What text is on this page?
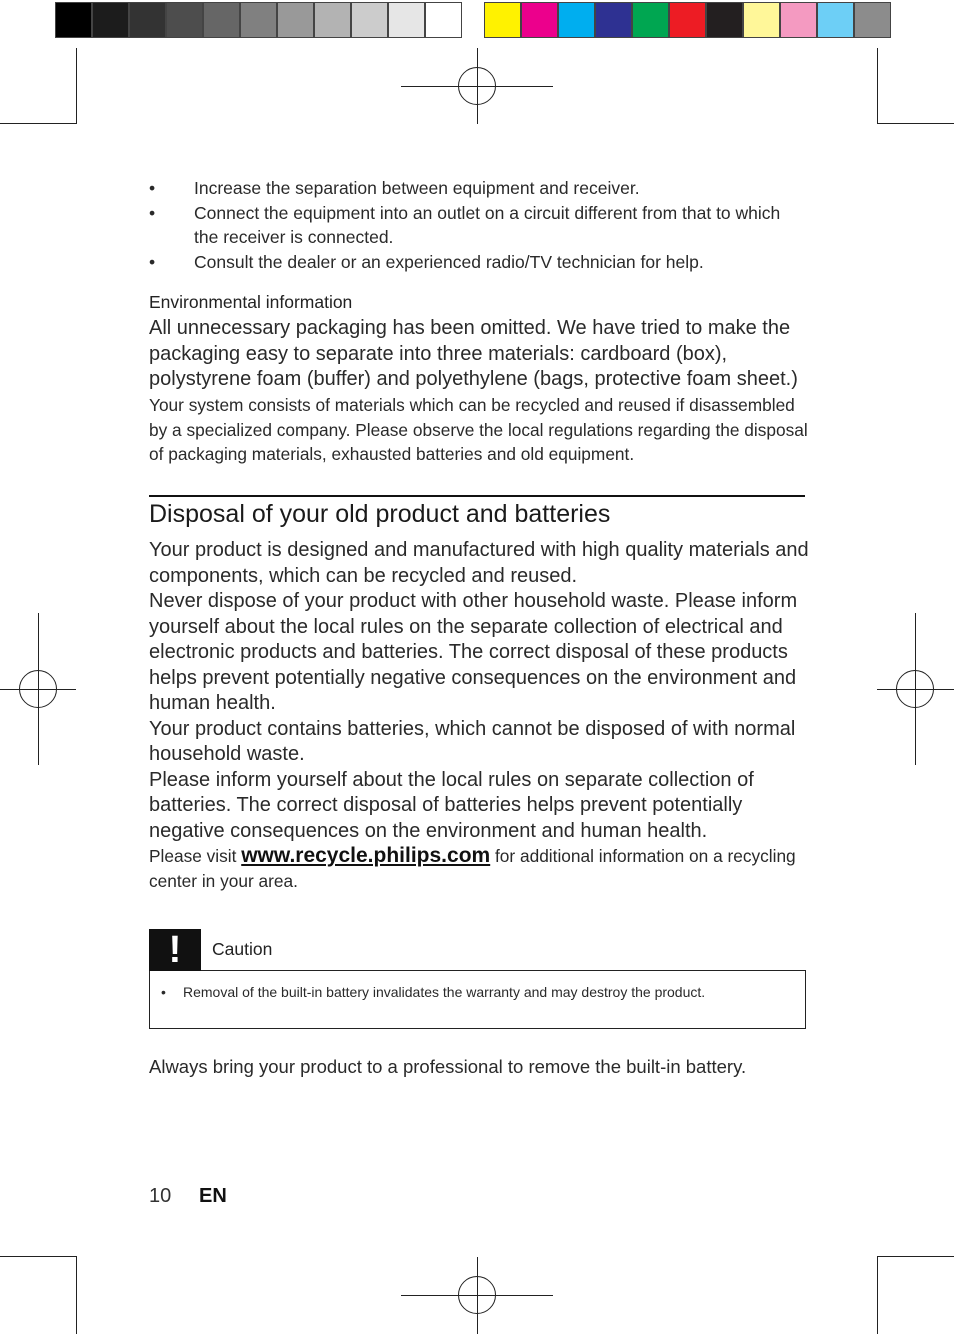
• Increase the separation between equipment and receiver.
• Connect the equipment into an outlet on a circuit different from that to which the receiver is connected.
• Consult the dealer or an experienced radio/TV technician for help.
Environmental information
All unnecessary packaging has been omitted. We have tried to make the packaging easy to separate into three materials: cardboard (box), polystyrene foam (buffer) and polyethylene (bags, protective foam sheet.)
Your system consists of materials which can be recycled and reused if disassembled by a specialized company. Please observe the local regulations regarding the disposal of packaging materials, exhausted batteries and old equipment.
Disposal of your old product and batteries

Your product is designed and manufactured with high quality materials and components, which can be recycled and reused.

Never dispose of your product with other household waste. Please inform yourself about the local rules on the separate collection of electrical and electronic products and batteries. The correct disposal of these products helps prevent potentially negative consequences on the environment and human health.

Your product contains batteries, which cannot be disposed of with normal household waste.

Please inform yourself about the local rules on separate collection of batteries. The correct disposal of batteries helps prevent potentially negative consequences on the environment and human health.

Please visit www.recycle.philips.com for additional information on a recycling center in your area.
!	Caution
• Removal of the built-in battery invalidates the warranty and may destroy the product.
Always bring your product to a professional to remove the built-in battery.
10 EN
